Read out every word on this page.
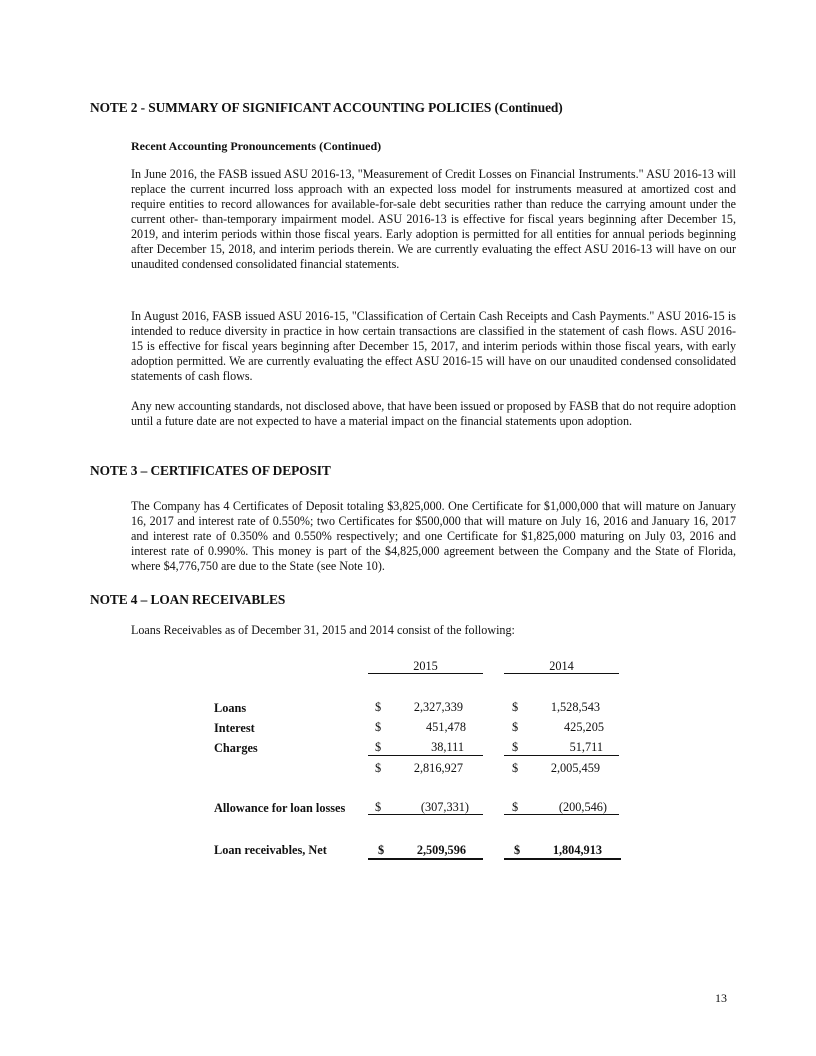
NOTE 2 - SUMMARY OF SIGNIFICANT ACCOUNTING POLICIES (Continued)
Recent Accounting Pronouncements (Continued)
In June 2016, the FASB issued ASU 2016-13, "Measurement of Credit Losses on Financial Instruments." ASU 2016-13 will replace the current incurred loss approach with an expected loss model for instruments measured at amortized cost and require entities to record allowances for available-for-sale debt securities rather than reduce the carrying amount under the current other- than-temporary impairment model. ASU 2016-13 is effective for fiscal years beginning after December 15, 2019, and interim periods within those fiscal years. Early adoption is permitted for all entities for annual periods beginning after December 15, 2018, and interim periods therein. We are currently evaluating the effect ASU 2016-13 will have on our unaudited condensed consolidated financial statements.
In August 2016, FASB issued ASU 2016-15, "Classification of Certain Cash Receipts and Cash Payments." ASU 2016-15 is intended to reduce diversity in practice in how certain transactions are classified in the statement of cash flows. ASU 2016-15 is effective for fiscal years beginning after December 15, 2017, and interim periods within those fiscal years, with early adoption permitted. We are currently evaluating the effect ASU 2016-15 will have on our unaudited condensed consolidated statements of cash flows.
Any new accounting standards, not disclosed above, that have been issued or proposed by FASB that do not require adoption until a future date are not expected to have a material impact on the financial statements upon adoption.
NOTE 3 – CERTIFICATES OF DEPOSIT
The Company has 4 Certificates of Deposit totaling $3,825,000. One Certificate for $1,000,000 that will mature on January 16, 2017 and interest rate of 0.550%; two Certificates for $500,000 that will mature on July 16, 2016 and January 16, 2017 and interest rate of 0.350% and 0.550% respectively; and one Certificate for $1,825,000 maturing on July 03, 2016 and interest rate of 0.990%. This money is part of the $4,825,000 agreement between the Company and the State of Florida, where $4,776,750 are due to the State (see Note 10).
NOTE 4 – LOAN RECEIVABLES
Loans Receivables as of December 31, 2015 and 2014 consist of the following:
2015	2014
Loans	$	2,327,339	$	1,528,543
Interest	$	451,478	$	425,205
Charges	$	38,111	$	51,711
$	2,816,927	$	2,005,459
Allowance for loan losses $	(307,331)	$	(200,546)
Loan receivables, Net	$	2,509,596	$	1,804,913
13
